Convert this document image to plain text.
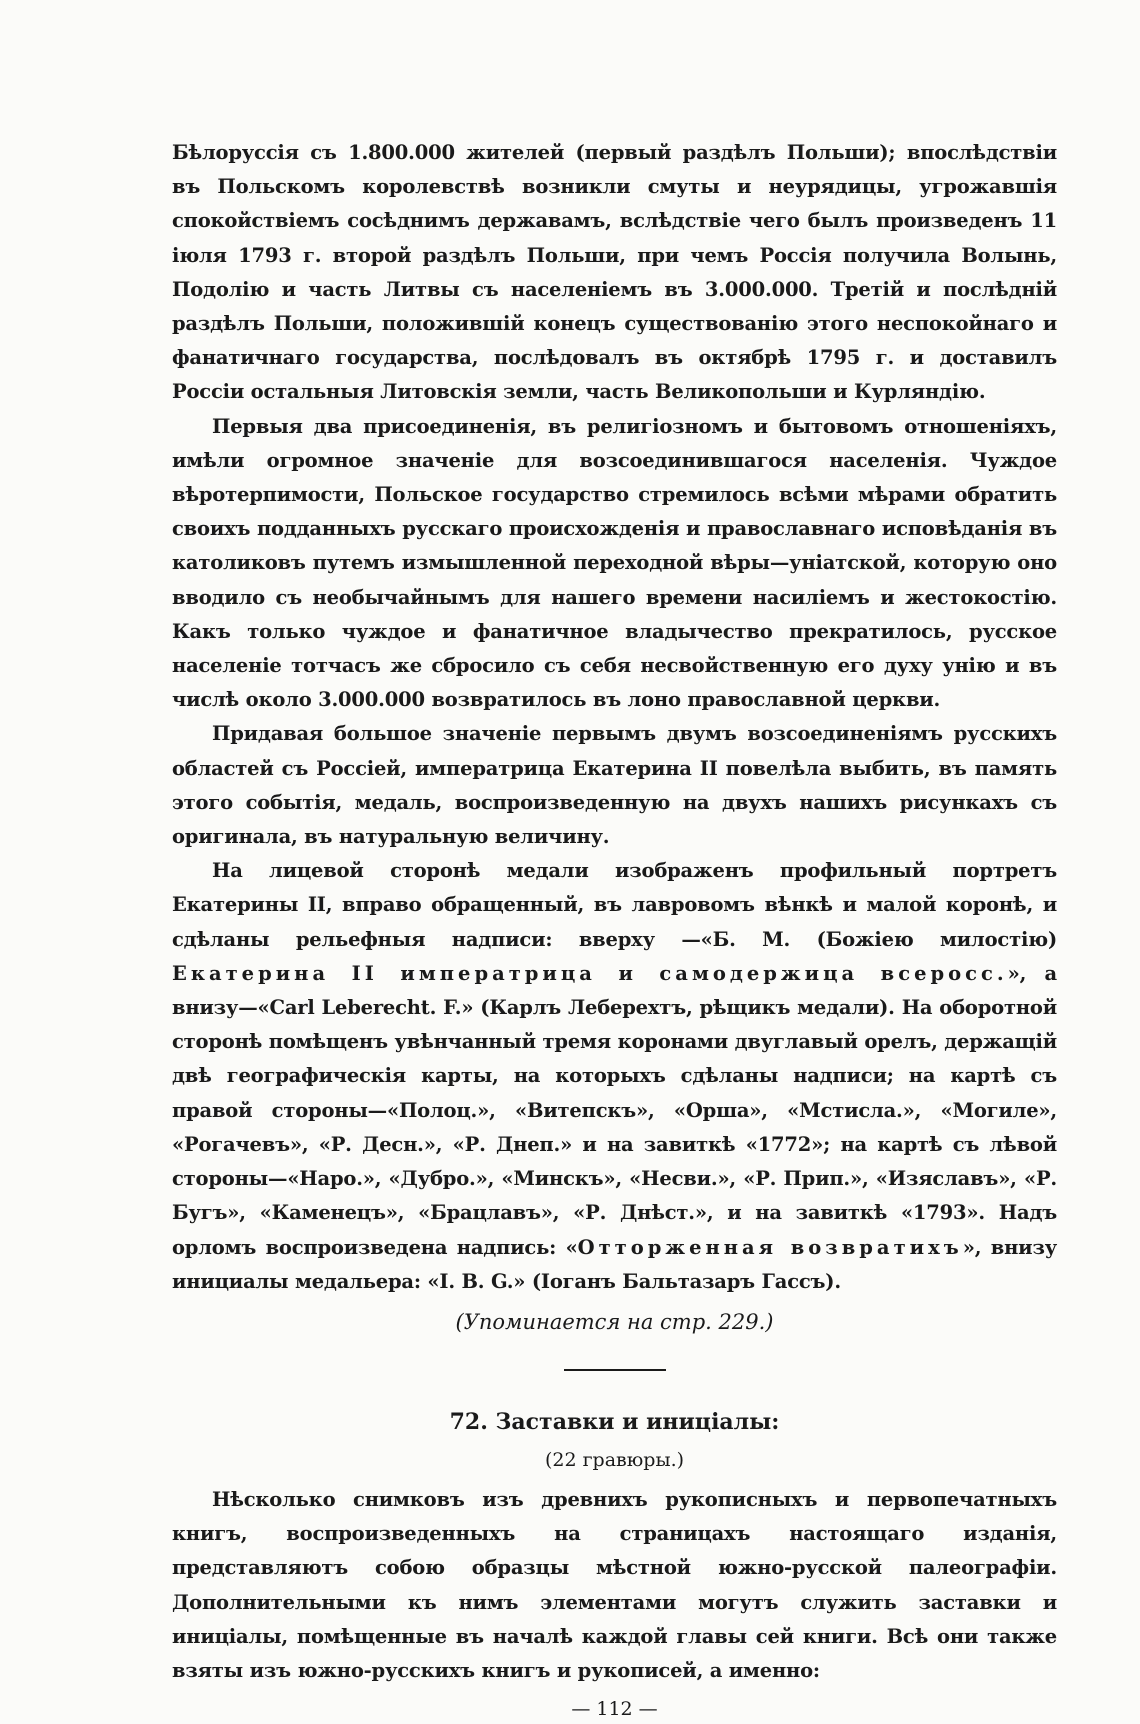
Бѣлоруссія съ 1.800.000 жителей (первый раздѣлъ Польши); впослѣдствіи въ Польскомъ королевствѣ возникли смуты и неурядицы, угрожавшія спокойствіемъ сосѣднимъ державамъ, вслѣдствіе чего былъ произведенъ 11 іюля 1793 г. второй раздѣлъ Польши, при чемъ Россія получила Волынь, Подолію и часть Литвы съ населеніемъ въ 3.000.000. Третій и послѣдній раздѣлъ Польши, положившій конецъ существованію этого неспокойнаго и фанатичнаго государства, послѣдовалъ въ октябрѣ 1795 г. и доставилъ Россіи остальныя Литовскія земли, часть Великопольши и Курляндію.

Первыя два присоединенія, въ религіозномъ и бытовомъ отношеніяхъ, имѣли огромное значеніе для возсоединившагося населенія. Чуждое вѣротерпимости, Польское государство стремилось всѣми мѣрами обратить своихъ подданныхъ русскаго происхожденія и православнаго исповѣданія въ католиковъ путемъ измышленной переходной вѣры—уніатской, которую оно вводило съ необычайнымъ для нашего времени насиліемъ и жестокостію. Какъ только чуждое и фанатичное владычество прекратилось, русское населеніе тотчасъ же сбросило съ себя несвойственную его духу унію и въ числѣ около 3.000.000 возвратилось въ лоно православной церкви.

Придавая большое значеніе первымъ двумъ возсоединеніямъ русскихъ областей съ Россіей, императрица Екатерина II повелѣла выбить, въ память этого событія, медаль, воспроизведенную на двухъ нашихъ рисункахъ съ оригинала, въ натуральную величину.

На лицевой сторонѣ медали изображенъ профильный портретъ Екатерины II, вправо обращенный, въ лавровомъ вѣнкѣ и малой коронѣ, и сдѣланы рельефныя надписи: вверху —«Б. М. (Божіею милостію) Екатерина II императрица и самодержица всеросс.», а внизу—«Carl Leberecht. F.» (Карлъ Леберехтъ, рѣщикъ медали). На оборотной сторонѣ помѣщенъ увѣнчанный тремя коронами двуглавый орелъ, держащій двѣ географическія карты, на которыхъ сдѣланы надписи; на картѣ съ правой стороны—«Полоц.», «Витепскъ», «Орша», «Мстисла.», «Могиле», «Рогачевъ», «Р. Десн.», «Р. Днеп.» и на завиткѣ «1772»; на картѣ съ лѣвой стороны—«Наро.», «Дубро.», «Минскъ», «Несви.», «Р. Прип.», «Изяславъ», «Р. Бугъ», «Каменецъ», «Брацлавъ», «Р. Днѣст.», и на завиткѣ «1793». Надъ орломъ воспроизведена надпись: «Отторженная возвратихъ», внизу инициалы медальера: «I. B. G.» (Іоганъ Бальтазаръ Гассъ).

(Упоминается на стр. 229.)

72. Заставки и иниціалы:

(22 гравюры.)

Нѣсколько снимковъ изъ древнихъ рукописныхъ и первопечатныхъ книгъ, воспроизведенныхъ на страницахъ настоящаго изданія, представляютъ собою образцы мѣстной южно-русской палеографіи. Дополнительными къ нимъ элементами могутъ служить заставки и иниціалы, помѣщенные въ началѣ каждой главы сей книги. Всѣ они также взяты изъ южно-русскихъ книгъ и рукописей, а именно:

— 112 —
